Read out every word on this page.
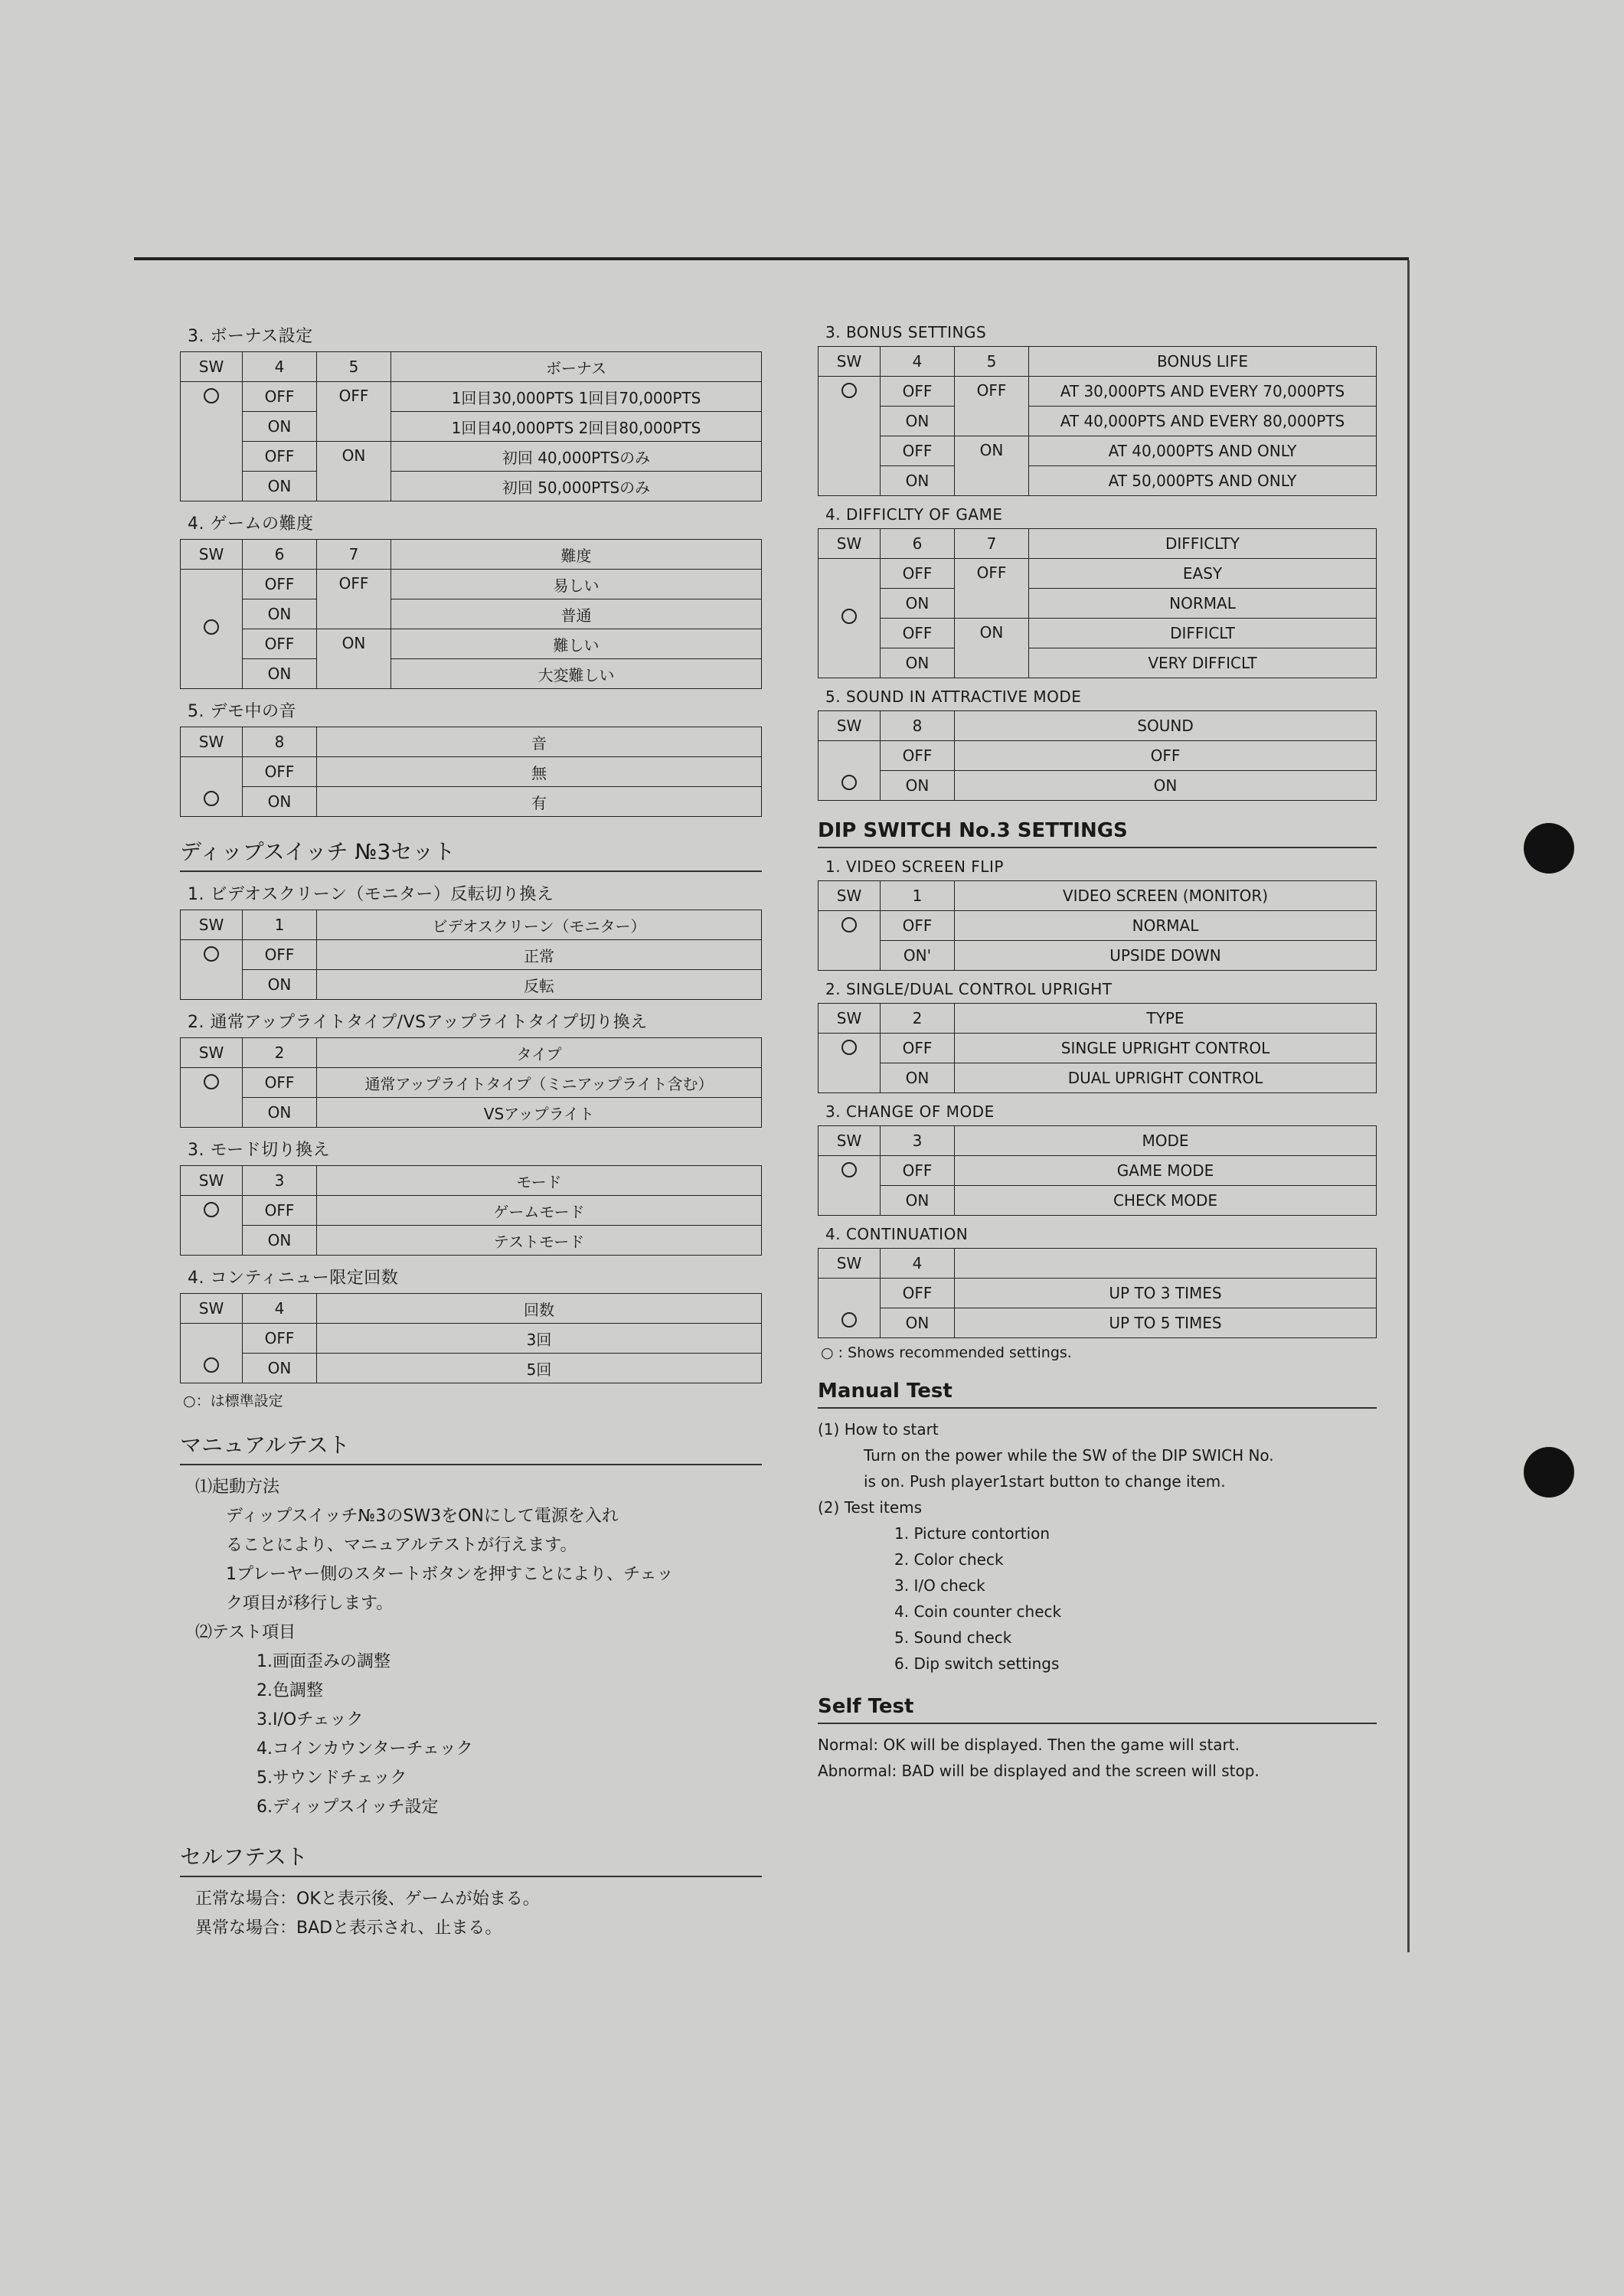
3. ボーナス設定
SW	4	5	ボーナス
	OFF	OFF	1回目30,000PTS 1回目70,000PTS
	ON		1回目40,000PTS 2回目80,000PTS
	OFF	ON	初回 40,000PTSのみ
	ON		初回 50,000PTSのみ
4. ゲームの難度
SW	6	7	難度
	OFF	OFF	易しい
	ON		普通
	OFF	ON	難しい
	ON		大変難しい
5. デモ中の音
SW	8	音
	OFF	無
	ON	有
ディップスイッチ №3セット
1. ビデオスクリーン（モニター）反転切り換え
SW	1	ビデオスクリーン（モニター）
	OFF	正常
	ON	反転
2. 通常アップライトタイプ/VSアップライトタイプ切り換え
SW	2	タイプ
	OFF	通常アップライトタイプ（ミニアップライト含む）
	ON	VSアップライト
3. モード切り換え
SW	3	モード
	OFF	ゲームモード
	ON	テストモード
4. コンティニュー限定回数
SW	4	回数
	OFF	3回
	ON	5回
○：は標準設定
マニュアルテスト

⑴起動方法

ディップスイッチ№3のSW3をONにして電源を入れ

ることにより、マニュアルテストが行えます。

1プレーヤー側のスタートボタンを押すことにより、チェッ

ク項目が移行します。

⑵テスト項目

1.画面歪みの調整

2.色調整

3.I/Oチェック

4.コインカウンターチェック

5.サウンドチェック

6.ディップスイッチ設定

セルフテスト

正常な場合：OKと表示後、ゲームが始まる。

異常な場合：BADと表示され、止まる。

3. BONUS SETTINGS
SW	4	5	BONUS LIFE
	OFF	OFF	AT 30,000PTS AND EVERY 70,000PTS
	ON		AT 40,000PTS AND EVERY 80,000PTS
	OFF	ON	AT 40,000PTS AND ONLY
	ON		AT 50,000PTS AND ONLY
4. DIFFICLTY OF GAME
SW	6	7	DIFFICLTY
	OFF	OFF	EASY
	ON		NORMAL
	OFF	ON	DIFFICLT
	ON		VERY DIFFICLT
5. SOUND IN ATTRACTIVE MODE
SW	8	SOUND
	OFF	OFF
	ON	ON
DIP SWITCH No.3 SETTINGS
1. VIDEO SCREEN FLIP
SW	1	VIDEO SCREEN (MONITOR)
	OFF	NORMAL
	ON'	UPSIDE DOWN
2. SINGLE/DUAL CONTROL UPRIGHT
SW	2	TYPE
	OFF	SINGLE UPRIGHT CONTROL
	ON	DUAL UPRIGHT CONTROL
3. CHANGE OF MODE
SW	3	MODE
	OFF	GAME MODE
	ON	CHECK MODE
4. CONTINUATION
SW	4	
	OFF	UP TO 3 TIMES
	ON	UP TO 5 TIMES
○ : Shows recommended settings.
Manual Test

(1) How to start

Turn on the power while the SW of the DIP SWICH No.

is on. Push player1start button to change item.

(2) Test items

1. Picture contortion

2. Color check

3. I/O check

4. Coin counter check

5. Sound check

6. Dip switch settings

Self Test

Normal: OK will be displayed. Then the game will start.

Abnormal: BAD will be displayed and the screen will stop.
